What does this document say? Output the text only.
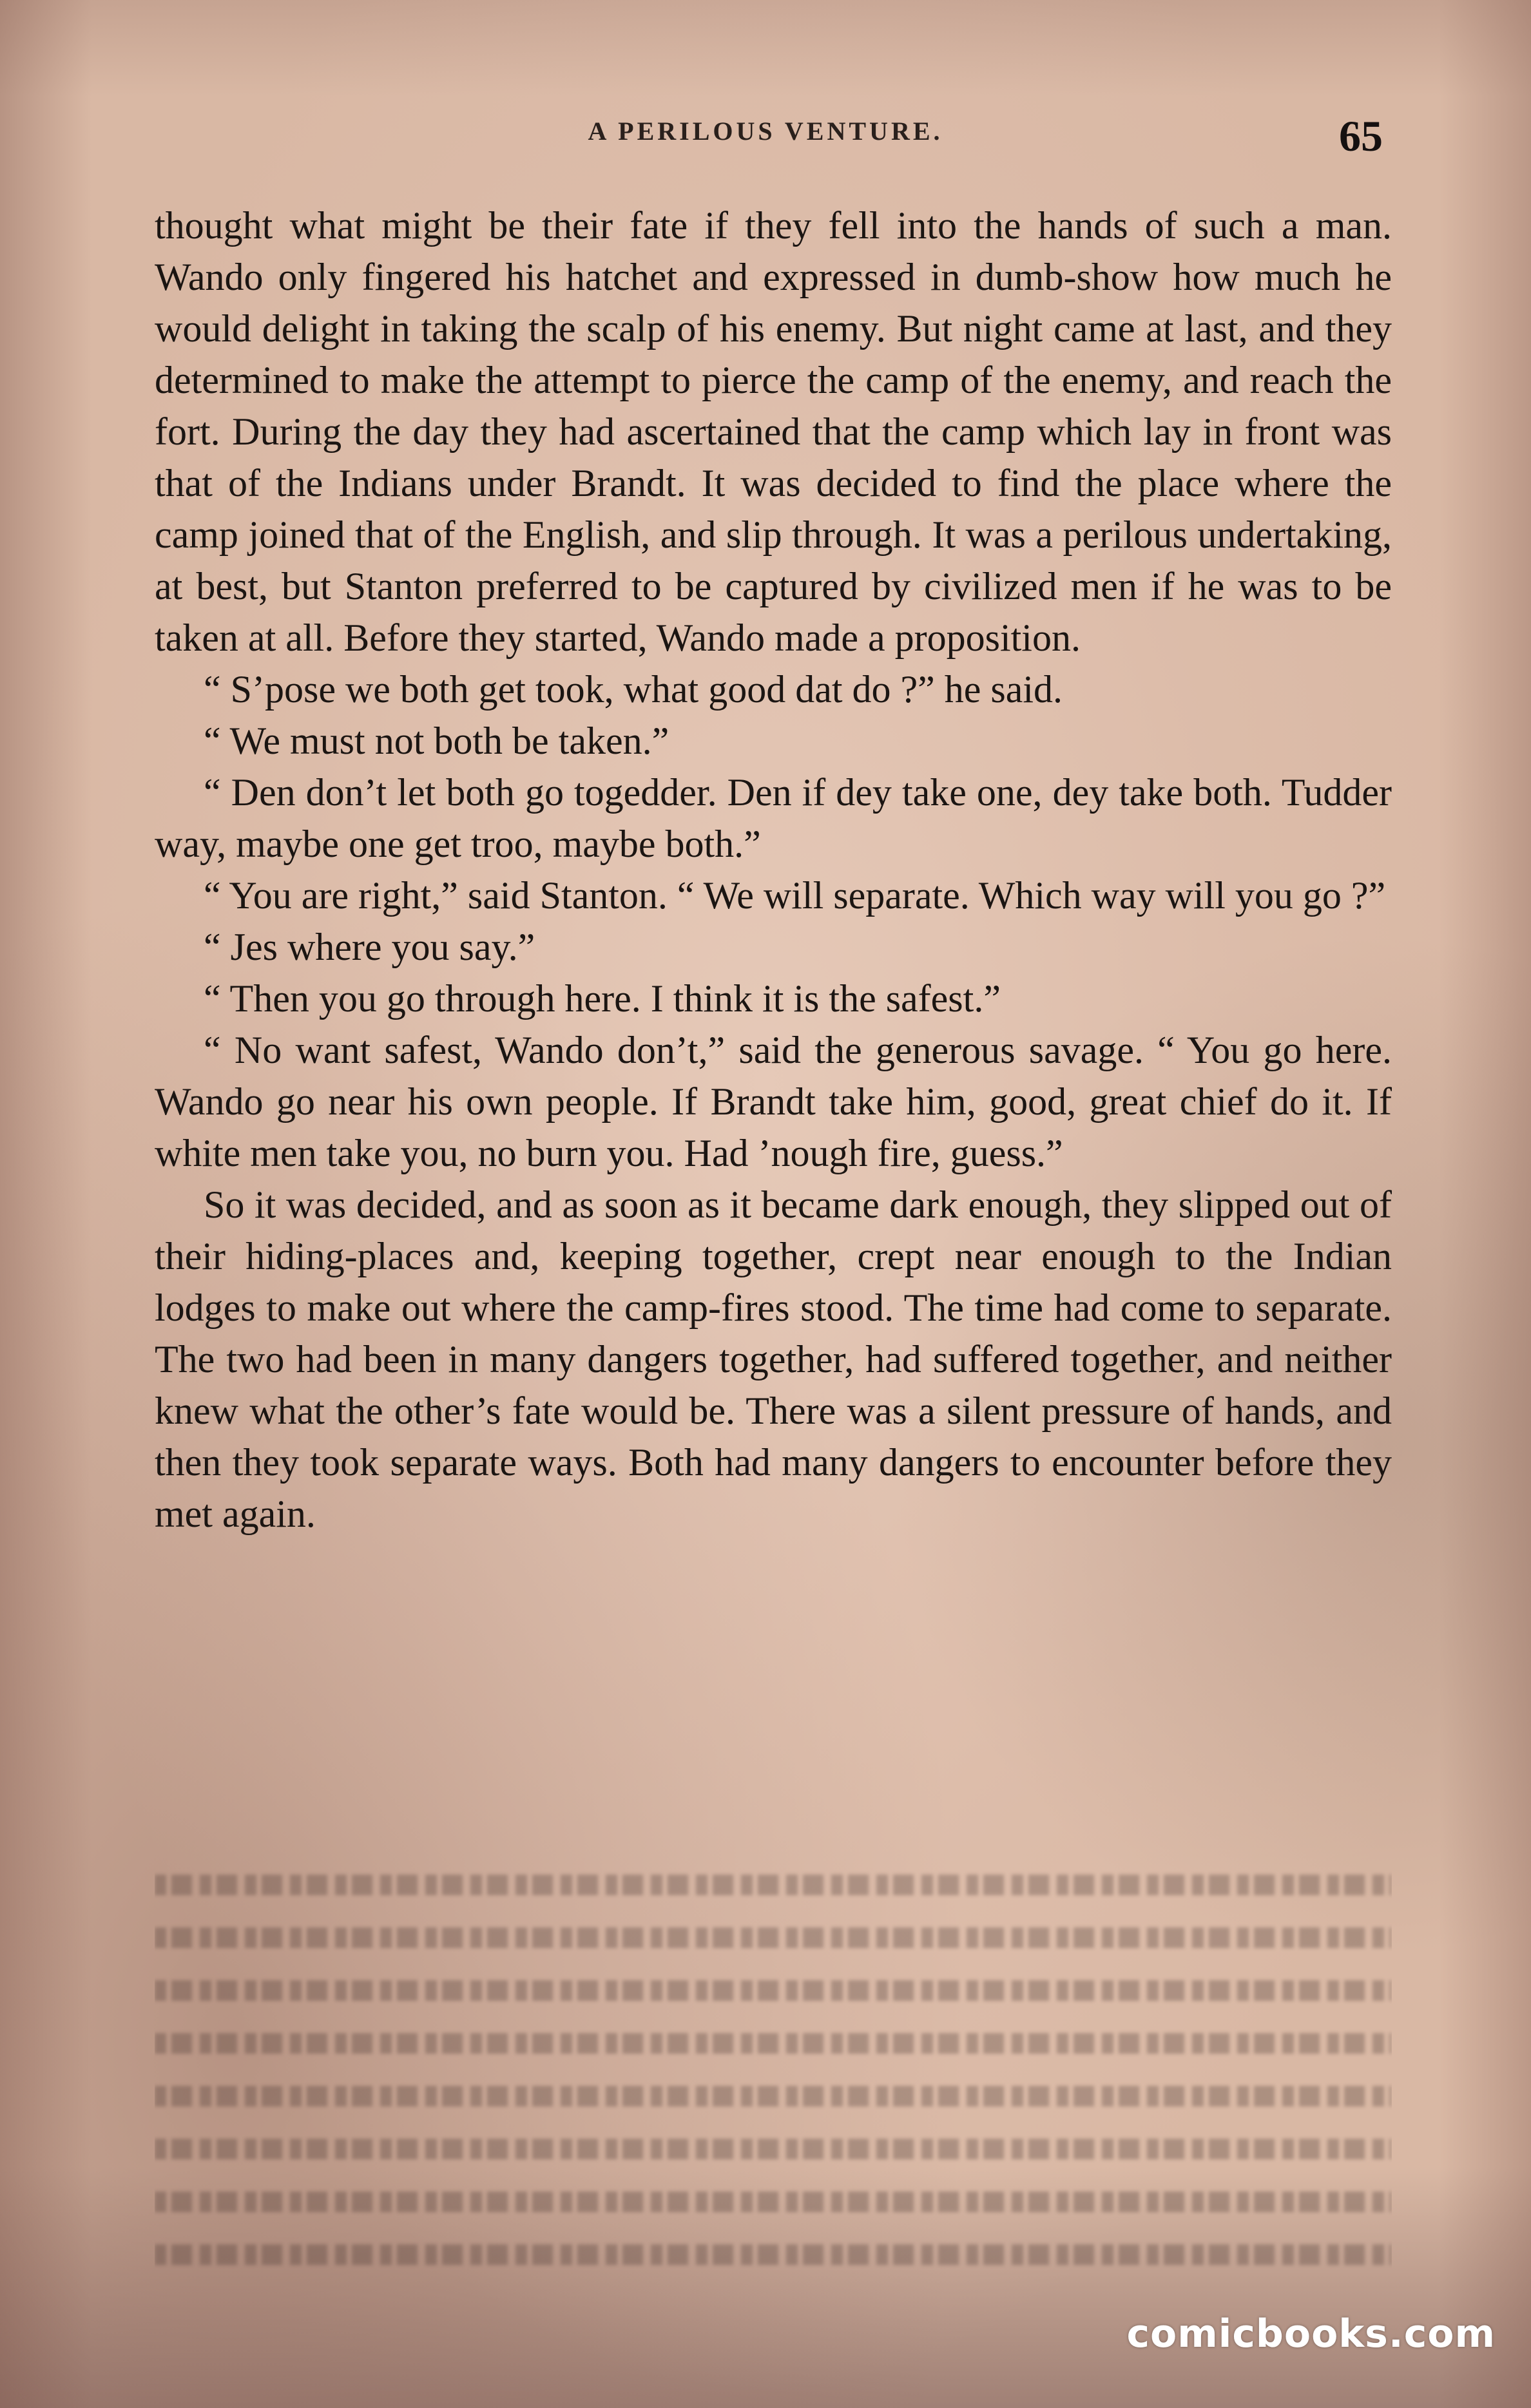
A PERILOUS VENTURE.	65

thought what might be their fate if they fell into the hands of such a man. Wando only fingered his hatchet and expressed in dumb-show how much he would delight in taking the scalp of his enemy. But night came at last, and they determined to make the attempt to pierce the camp of the enemy, and reach the fort. During the day they had ascertained that the camp which lay in front was that of the Indians under Brandt. It was decided to find the place where the camp joined that of the English, and slip through. It was a perilous undertaking, at best, but Stanton preferred to be captured by civilized men if he was to be taken at all. Before they started, Wando made a proposition.

“ S’pose we both get took, what good dat do ?” he said.

“ We must not both be taken.”

“ Den don’t let both go togedder. Den if dey take one, dey take both. Tudder way, maybe one get troo, maybe both.”

“ You are right,” said Stanton. “ We will separate. Which way will you go ?”

“ Jes where you say.”

“ Then you go through here. I think it is the safest.”

“ No want safest, Wando don’t,” said the generous savage. “ You go here. Wando go near his own people. If Brandt take him, good, great chief do it. If white men take you, no burn you. Had ’nough fire, guess.”

So it was decided, and as soon as it became dark enough, they slipped out of their hiding-places and, keeping together, crept near enough to the Indian lodges to make out where the camp-fires stood. The time had come to separate. The two had been in many dangers together, had suffered together, and neither knew what the other’s fate would be. There was a silent pressure of hands, and then they took separate ways. Both had many dangers to encounter before they met again.

comicbooks.com
